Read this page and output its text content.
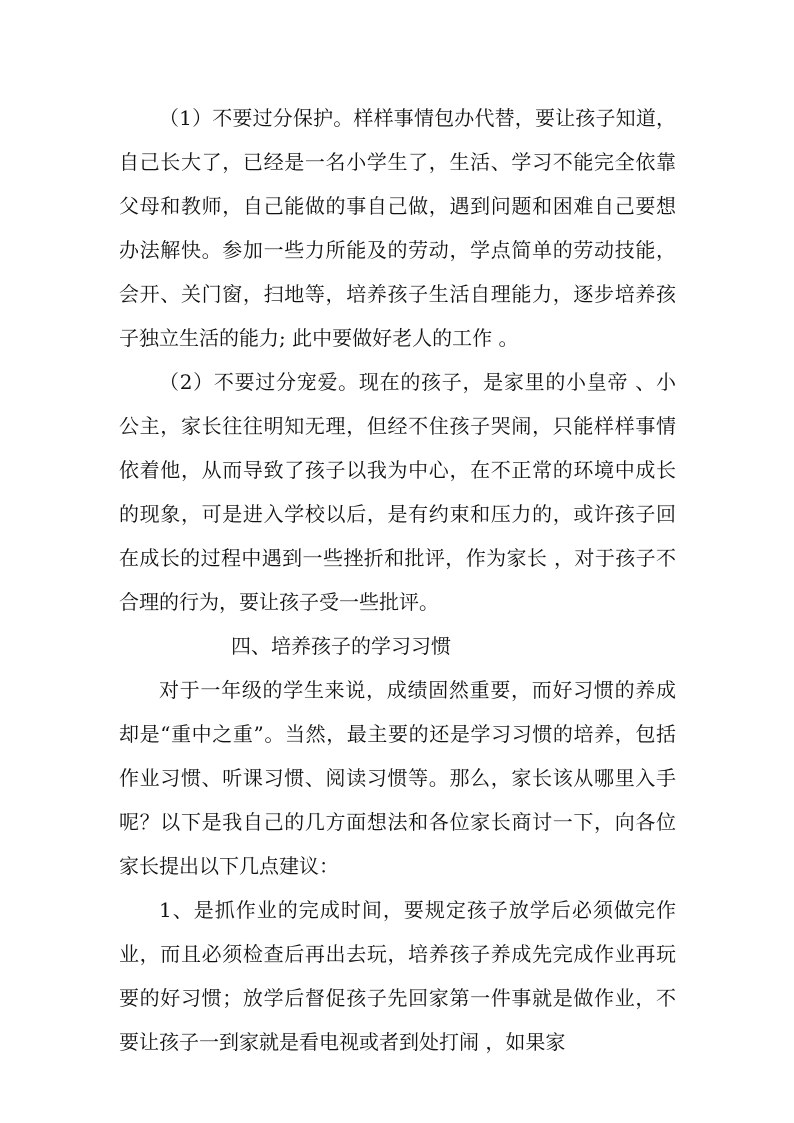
（1）不要过分保护。样样事情包办代替，要让孩子知道，自己长大了，已经是一名小学生了，生活、学习不能完全依靠父母和教师，自己能做的事自己做，遇到问题和困难自己要想办法解快。参加一些力所能及的劳动，学点简单的劳动技能，会开、关门窗，扫地等，培养孩子生活自理能力，逐步培养孩子独立生活的能力; 此中要做好老人的工作 。

（2）不要过分宠爱。现在的孩子，是家里的小皇帝 、小公主，家长往往明知无理，但经不住孩子哭闹，只能样样事情依着他，从而导致了孩子以我为中心，在不正常的环境中成长的现象，可是进入学校以后，是有约束和压力的，或许孩子回在成长的过程中遇到一些挫折和批评，作为家长 ，对于孩子不合理的行为，要让孩子受一些批评。

四、培养孩子的学习习惯

对于一年级的学生来说，成绩固然重要，而好习惯的养成却是“重中之重”。当然，最主要的还是学习习惯的培养，包括作业习惯、听课习惯、阅读习惯等。那么，家长该从哪里入手呢？以下是我自己的几方面想法和各位家长商讨一下，向各位家长提出以下几点建议：

1、是抓作业的完成时间，要规定孩子放学后必须做完作业，而且必须检查后再出去玩，培养孩子养成先完成作业再玩要的好习惯；放学后督促孩子先回家第一件事就是做作业，不要让孩子一到家就是看电视或者到处打闹 ，如果家
